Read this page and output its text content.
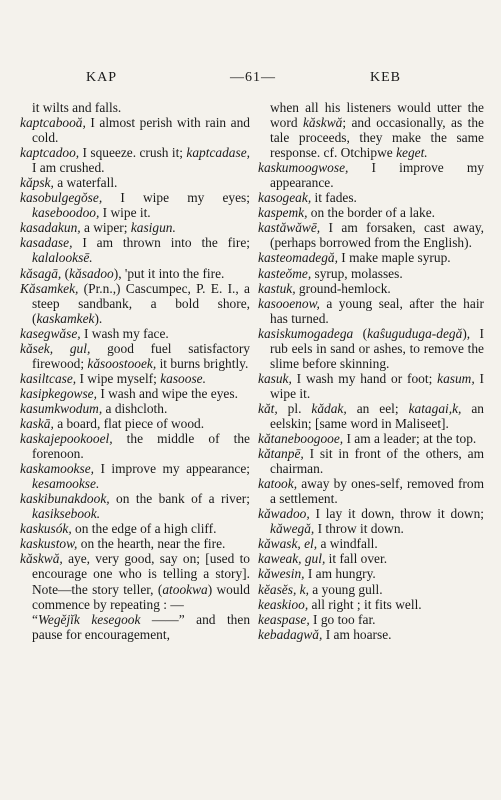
KAP	—61—	KEB

it wilts and falls.

kaptcabooă, I almost perish with rain and cold.

kaptcadoo, I squeeze. crush it; kaptcadase, I am crushed.

kăpsk, a waterfall.

kasobulgegŏse, I wipe my eyes; kaseboodoo, I wipe it.

kasadakun, a wiper; kasigun.

kasadase, I am thrown into the fire; kalalooksē.

kăsagā, (kăsadoo), 'put it into the fire.

Kăsamkek, (Pr.n.,) Cascumpec, P. E. I., a steep sandbank, a bold shore, (kaskamkek).

kasegwăse, I wash my face.

kăsek, gul, good fuel satisfactory firewood; kăsoostooek, it burns brightly.

kasiltcase, I wipe myself; kasoose.

kasipkegowse, I wash and wipe the eyes.

kasumkwodum, a dishcloth.

kaskā, a board, flat piece of wood.

kaskajepookooel, the middle of the forenoon.

kaskamookse, I improve my appearance; kesamookse.

kaskibunakdook, on the bank of a river; kasiksebook.

kaskusók, on the edge of a high cliff.

kaskustow, on the hearth, near the fire.

kăskwă, aye, very good, say on; [used to encourage one who is telling a story]. Note—the story teller, (atookwa) would commence by repeating : —

“Wegĕjĭk kesegook ——” and then pause for encouragement,

when all his listeners would utter the word kăskwă; and occasionally, as the tale proceeds, they make the same response. cf. Otchipwe keget.

kaskumoogwose, I improve my appearance.

kasogeak, it fades.

kaspemk, on the border of a lake.

kastăwăwē, I am forsaken, cast away, (perhaps borrowed from the English).

kasteomadegă, I make maple syrup.

kasteŏme, syrup, molasses.

kastuk, ground-hemlock.

kasooenow, a young seal, after the hair has turned.

kasiskumogadega (kaŝuguduga-degă), I rub eels in sand or ashes, to remove the slime before skinning.

kasuk, I wash my hand or foot; kasum, I wipe it.

kăt, pl. kădak, an eel; katagai,k, an eelskin; [same word in Maliseet].

kătaneboogooe, I am a leader; at the top.

kătanpē, I sit in front of the others, am chairman.

katook, away by ones-self, removed from a settlement.

kăwadoo, I lay it down, throw it down; kăwegă, I throw it down.

kăwask, el, a windfall.

kaweak, gul, it fall over.

kăwesin, I am hungry.

kĕasĕs, k, a young gull.

keaskioo, all right ; it fits well.

keaspase, I go too far.

kebadagwă, I am hoarse.
